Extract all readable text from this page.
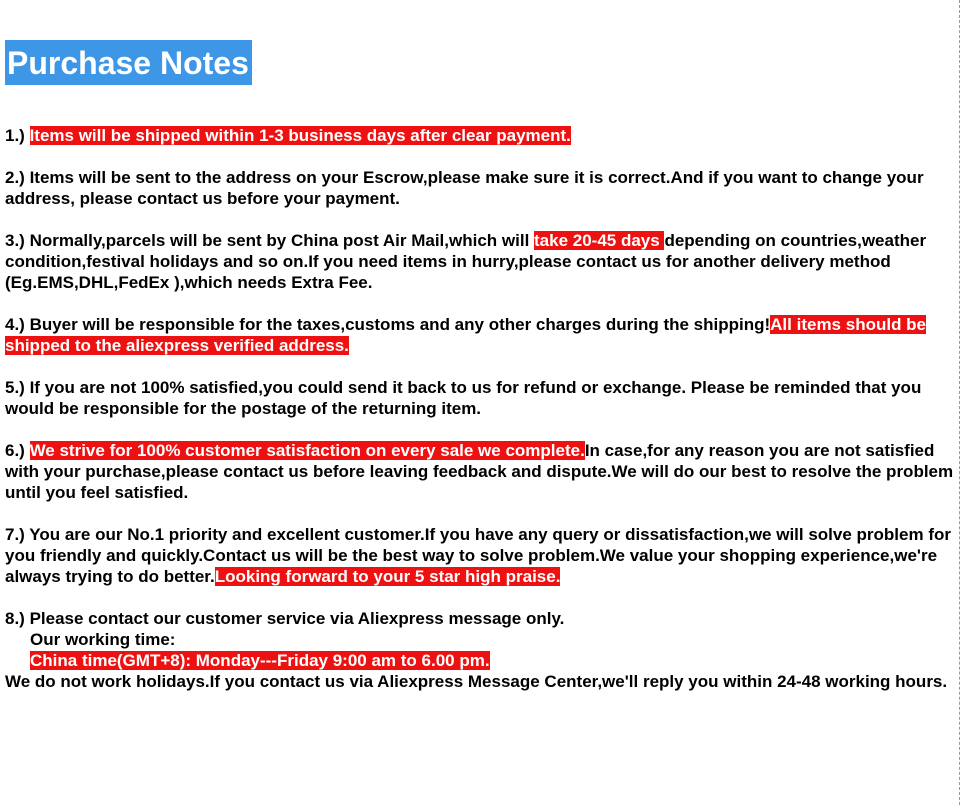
Purchase Notes
1.) Items will be shipped within 1-3 business days after clear payment.
2.) Items will be sent to the address on your Escrow,please make sure it is correct.And if you want to change your address, please contact us before your payment.
3.) Normally,parcels will be sent by China post Air Mail,which will take 20-45 days depending on countries,weather condition,festival holidays and so on.If you need items in hurry,please contact us for another delivery method (Eg.EMS,DHL,FedEx ),which needs Extra Fee.
4.) Buyer will be responsible for the taxes,customs and any other charges during the shipping!All items should be shipped to the aliexpress verified address.
5.) If you are not 100% satisfied,you could send it back to us for refund or exchange. Please be reminded that you would be responsible for the postage of the returning item.
6.) We strive for 100% customer satisfaction on every sale we complete.In case,for any reason you are not satisfied with your purchase,please contact us before leaving feedback and dispute.We will do our best to resolve the problem until you feel satisfied.
7.) You are our No.1 priority and excellent customer.If you have any query or dissatisfaction,we will solve problem for you friendly and quickly.Contact us will be the best way to solve problem.We value your shopping experience,we're always trying to do better.Looking forward to your 5 star high praise.
8.) Please contact our customer service via Aliexpress message only.
Our working time:
China time(GMT+8): Monday---Friday 9:00 am to 6.00 pm.
We do not work holidays.If you contact us via Aliexpress Message Center,we'll reply you within 24-48 working hours.
